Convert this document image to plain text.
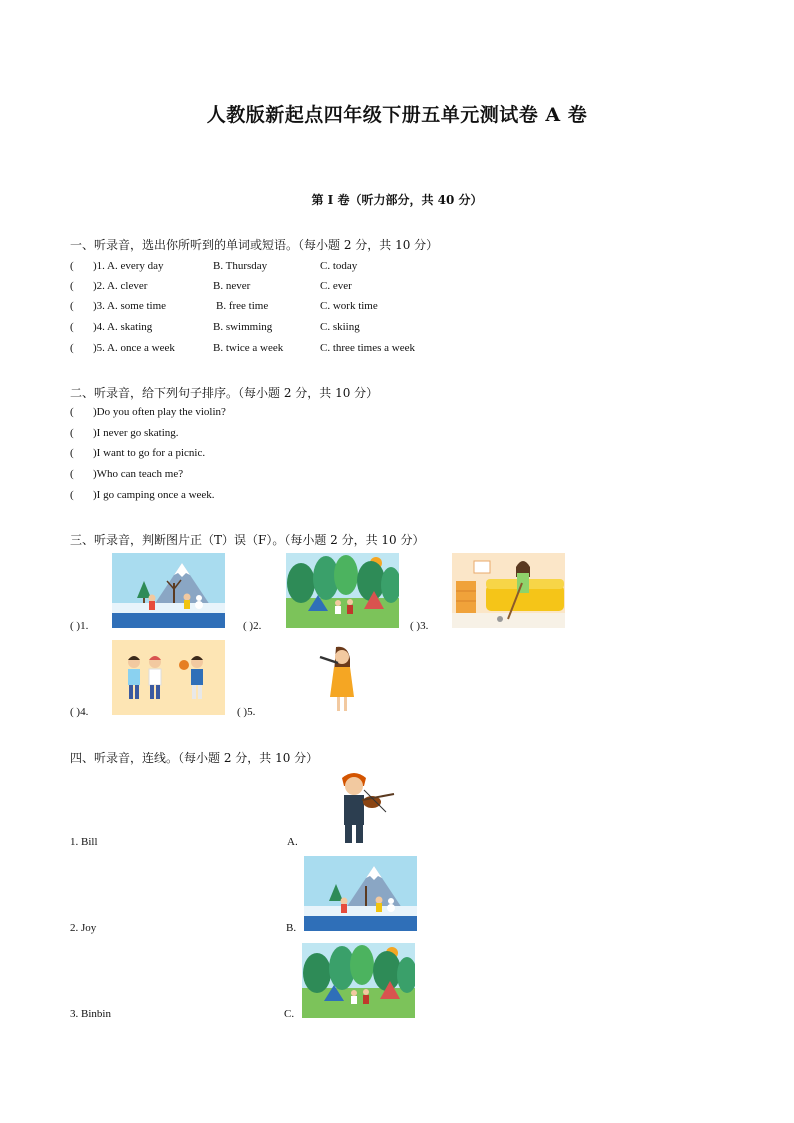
人教版新起点四年级下册五单元测试卷 A 卷
第 I 卷（听力部分，共 40 分）
一、听录音，选出你所听到的单词或短语。（每小题 2 分，共 10 分）
( )1. A. every day	B. Thursday	C. today
( )2. A. clever	B. never	C. ever
( )3. A. some time	B. free time	C. work time
( )4. A. skating	B. swimming	C. skiing
( )5. A. once a week	B. twice a week	C. three times a week
二、听录音，给下列句子排序。（每小题 2 分，共 10 分）
( )Do you often play the violin?
( )I never go skating.
( )I want to go for a picnic.
( )Who can teach me?
( )I go camping once a week.
三、听录音，判断图片正（T）误（F）。（每小题 2 分，共 10 分）
( )1.	( )2.	( )3.
( )4.	( )5.
四、听录音，连线。（每小题 2 分，共 10 分）
1. Bill
2. Joy
3. Binbin
A.
B.
C.
